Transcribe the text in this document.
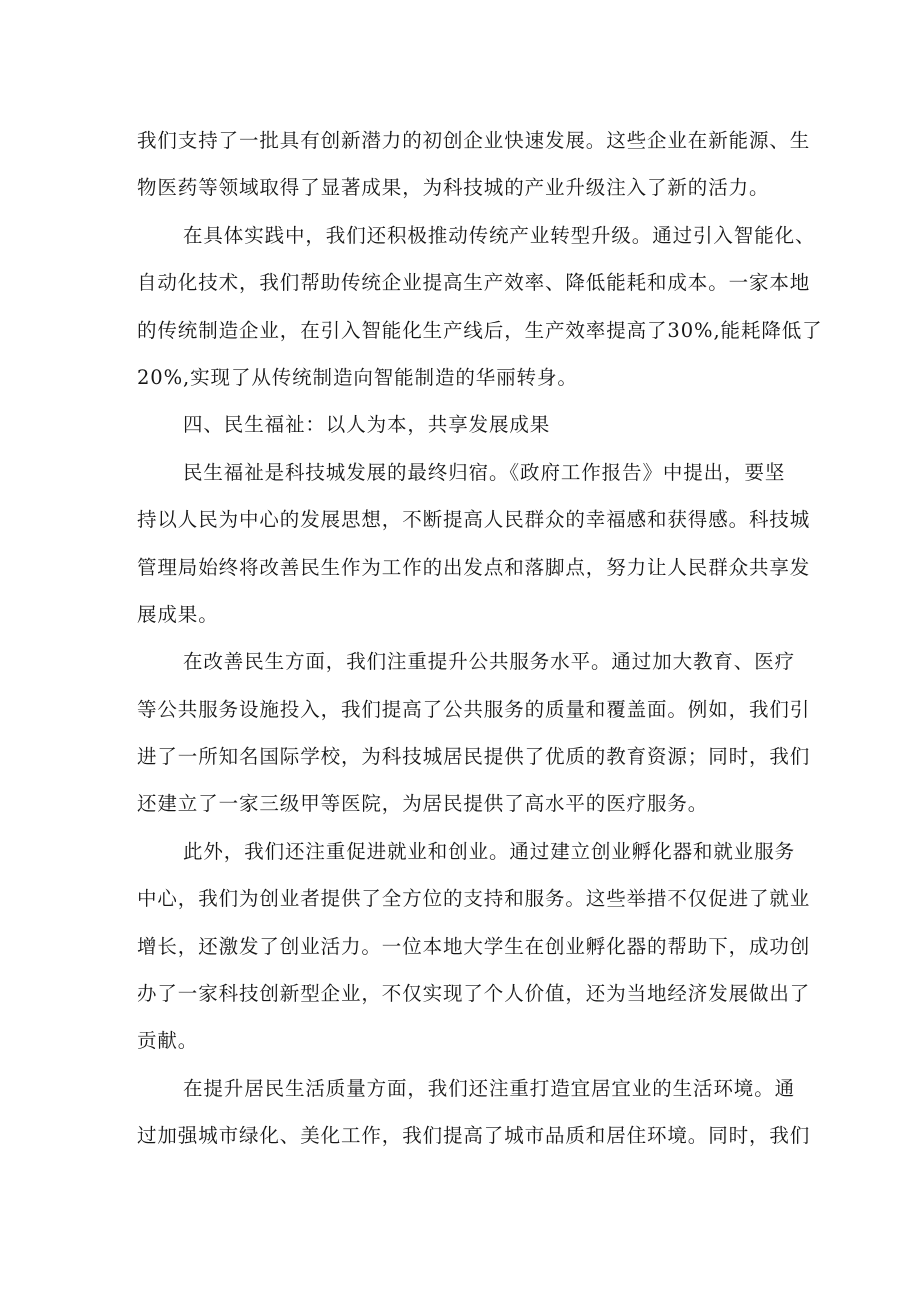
我们支持了一批具有创新潜力的初创企业快速发展。这些企业在新能源、生
物医药等领域取得了显著成果，为科技城的产业升级注入了新的活力。
在具体实践中，我们还积极推动传统产业转型升级。通过引入智能化、
自动化技术，我们帮助传统企业提高生产效率、降低能耗和成本。一家本地
的传统制造企业，在引入智能化生产线后，生产效率提高了30%,能耗降低了
20%,实现了从传统制造向智能制造的华丽转身。
四、民生福祉：以人为本，共享发展成果
民生福祉是科技城发展的最终归宿。《政府工作报告》中提出，要坚
持以人民为中心的发展思想，不断提高人民群众的幸福感和获得感。科技城
管理局始终将改善民生作为工作的出发点和落脚点，努力让人民群众共享发
展成果。
在改善民生方面，我们注重提升公共服务水平。通过加大教育、医疗
等公共服务设施投入，我们提高了公共服务的质量和覆盖面。例如，我们引
进了一所知名国际学校，为科技城居民提供了优质的教育资源；同时，我们
还建立了一家三级甲等医院，为居民提供了高水平的医疗服务。
此外，我们还注重促进就业和创业。通过建立创业孵化器和就业服务
中心，我们为创业者提供了全方位的支持和服务。这些举措不仅促进了就业
增长，还激发了创业活力。一位本地大学生在创业孵化器的帮助下，成功创
办了一家科技创新型企业，不仅实现了个人价值，还为当地经济发展做出了
贡献。
在提升居民生活质量方面，我们还注重打造宜居宜业的生活环境。通
过加强城市绿化、美化工作，我们提高了城市品质和居住环境。同时，我们
